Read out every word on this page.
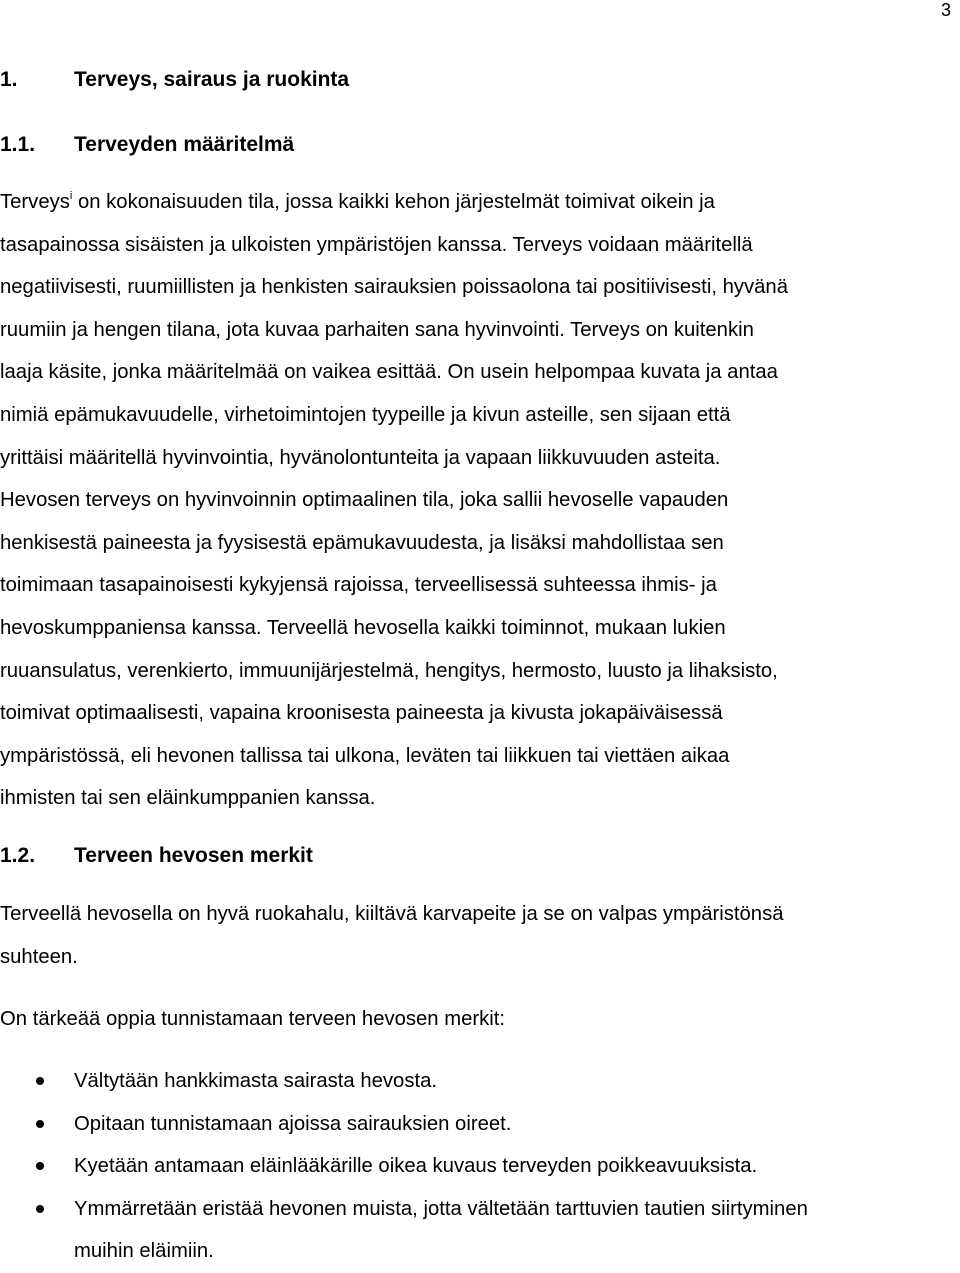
3
1.	Terveys, sairaus ja ruokinta
1.1. Terveyden määritelmä

Terveys$^i$ on kokonaisuuden tila, jossa kaikki kehon järjestelmät toimivat oikein ja
tasapainossa sisäisten ja ulkoisten ympäristöjen kanssa. Terveys voidaan määritellä
negatiivisesti, ruumiillisten ja henkisten sairauksien poissaolona tai positiivisesti, hyvänä
ruumiin ja hengen tilana, jota kuvaa parhaiten sana hyvinvointi. Terveys on kuitenkin
laaja käsite, jonka määritelmää on vaikea esittää. On usein helpompaa kuvata ja antaa
nimiä epämukavuudelle, virhetoimintojen tyypeille ja kivun asteille, sen sijaan että
yrittäisi määritellä hyvinvointia, hyvänolontunteita ja vapaan liikkuvuuden asteita.
Hevosen terveys on hyvinvoinnin optimaalinen tila, joka sallii hevoselle vapauden
henkisestä paineesta ja fyysisestä epämukavuudesta, ja lisäksi mahdollistaa sen
toimimaan tasapainoisesti kykyjensä rajoissa, terveellisessä suhteessa ihmis- ja
hevoskumppaniensa kanssa. Terveellä hevosella kaikki toiminnot, mukaan lukien
ruuansulatus, verenkierto, immuunijärjestelmä, hengitys, hermosto, luusto ja lihaksisto,
toimivat optimaalisesti, vapaina kroonisesta paineesta ja kivusta jokapäiväisessä
ympäristössä, eli hevonen tallissa tai ulkona, leväten tai liikkuen tai viettäen aikaa
ihmisten tai sen eläinkumppanien kanssa.

1.2. Terveen hevosen merkit

Terveellä hevosella on hyvä ruokahalu, kiiltävä karvapeite ja se on valpas ympäristönsä
suhteen.

On tärkeää oppia tunnistamaan terveen hevosen merkit:

Vältytään hankkimasta sairasta hevosta.
Opitaan tunnistamaan ajoissa sairauksien oireet.
Kyetään antamaan eläinlääkärille oikea kuvaus terveyden poikkeavuuksista.
Ymmärretään eristää hevonen muista, jotta vältetään tarttuvien tautien siirtyminen
muihin eläimiin.
